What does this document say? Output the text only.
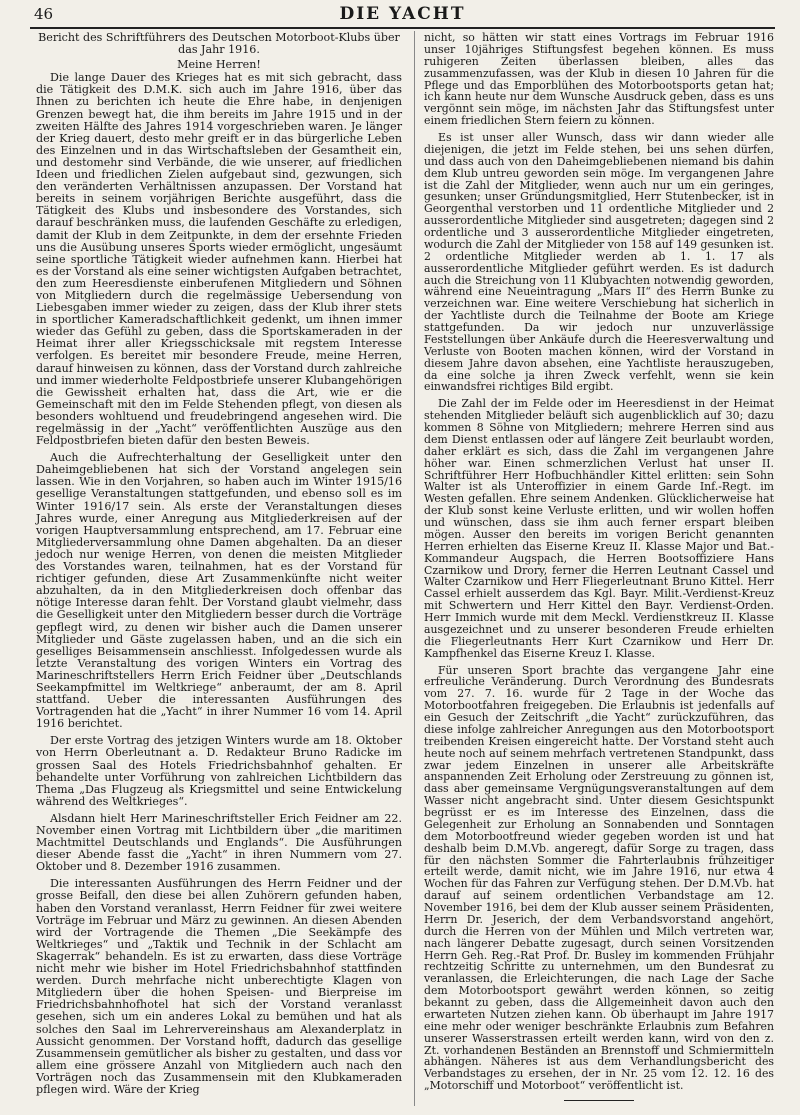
46	DIE YACHT
Bericht des Schriftführers des Deutschen Motorboot-Klubs über das Jahr 1916.
Meine Herren!

Die lange Dauer des Krieges hat es mit sich gebracht, dass die Tätigkeit des D.M.K. sich auch im Jahre 1916, über das Ihnen zu berichten ich heute die Ehre habe, in denjenigen Grenzen bewegt hat, die ihm bereits im Jahre 1915 und in der zweiten Hälfte des Jahres 1914 vorgeschrieben waren. Je länger der Krieg dauert, desto mehr greift er in das bürgerliche Leben des Einzelnen und in das Wirtschaftsleben der Gesamtheit ein, und destomehr sind Verbände, die wie unserer, auf friedlichen Ideen und friedlichen Zielen aufgebaut sind, gezwungen, sich den veränderten Verhältnissen anzupassen. Der Vorstand hat bereits in seinem vorjährigen Berichte ausgeführt, dass die Tätigkeit des Klubs und insbesondere des Vorstandes, sich darauf beschränken muss, die laufenden Geschäfte zu erledigen, damit der Klub in dem Zeitpunkte, in dem der ersehnte Frieden uns die Ausübung unseres Sports wieder ermöglicht, ungesäumt seine sportliche Tätigkeit wieder aufnehmen kann. Hierbei hat es der Vorstand als eine seiner wichtigsten Aufgaben betrachtet, den zum Heeresdienste einberufenen Mitgliedern und Söhnen von Mitgliedern durch die regelmässige Uebersendung von Liebesgaben immer wieder zu zeigen, dass der Klub ihrer stets in sportlicher Kameradschaftlichkeit gedenkt, um ihnen immer wieder das Gefühl zu geben, dass die Sportskameraden in der Heimat ihrer aller Kriegsschicksale mit regstem Interesse verfolgen. Es bereitet mir besondere Freude, meine Herren, darauf hinweisen zu können, dass der Vorstand durch zahlreiche und immer wiederholte Feldpostbriefe unserer Klubangehörigen die Gewissheit erhalten hat, dass die Art, wie er die Gemeinschaft mit den im Felde Stehenden pflegt, von diesen als besonders wohltuend und freudebringend angesehen wird. Die regelmässig in der „Yacht“ veröffentlichten Auszüge aus den Feldpostbriefen bieten dafür den besten Beweis.

Auch die Aufrechterhaltung der Geselligkeit unter den Daheimgebliebenen hat sich der Vorstand angelegen sein lassen. Wie in den Vorjahren, so haben auch im Winter 1915/16 gesellige Veranstaltungen stattgefunden, und ebenso soll es im Winter 1916/17 sein. Als erste der Veranstaltungen dieses Jahres wurde, einer Anregung aus Mitgliederkreisen auf der vorigen Hauptversammlung entsprechend, am 17. Februar eine Mitgliederversammlung ohne Damen abgehalten. Da an dieser jedoch nur wenige Herren, von denen die meisten Mitglieder des Vorstandes waren, teilnahmen, hat es der Vorstand für richtiger gefunden, diese Art Zusammenkünfte nicht weiter abzuhalten, da in den Mitgliederkreisen doch offenbar das nötige Interesse daran fehlt. Der Vorstand glaubt vielmehr, dass die Geselligkeit unter den Mitgliedern besser durch die Vorträge gepflegt wird, zu denen wir bisher auch die Damen unserer Mitglieder und Gäste zugelassen haben, und an die sich ein geselliges Beisammensein anschliesst. Infolgedessen wurde als letzte Veranstaltung des vorigen Winters ein Vortrag des Marineschriftstellers Herrn Erich Feidner über „Deutschlands Seekampfmittel im Weltkriege“ anberaumt, der am 8. April stattfand. Ueber die interessanten Ausführungen des Vortragenden hat die „Yacht“ in ihrer Nummer 16 vom 14. April 1916 berichtet.

Der erste Vortrag des jetzigen Winters wurde am 18. Oktober von Herrn Oberleutnant a. D. Redakteur Bruno Radicke im grossen Saal des Hotels Friedrichsbahnhof gehalten. Er behandelte unter Vorführung von zahlreichen Lichtbildern das Thema „Das Flugzeug als Kriegsmittel und seine Entwickelung während des Weltkrieges“.

Alsdann hielt Herr Marineschriftsteller Erich Feidner am 22. November einen Vortrag mit Lichtbildern über „die maritimen Machtmittel Deutschlands und Englands“. Die Ausführungen dieser Abende fasst die „Yacht“ in ihren Nummern vom 27. Oktober und 8. Dezember 1916 zusammen.

Die interessanten Ausführungen des Herrn Feidner und der grosse Beifall, den diese bei allen Zuhörern gefunden haben, haben den Vorstand veranlasst, Herrn Feidner für zwei weitere Vorträge im Februar und März zu gewinnen. An diesen Abenden wird der Vortragende die Themen „Die Seekämpfe des Weltkrieges“ und „Taktik und Technik in der Schlacht am Skagerrak“ behandeln. Es ist zu erwarten, dass diese Vorträge nicht mehr wie bisher im Hotel Friedrichsbahnhof stattfinden werden. Durch mehrfache nicht unberechtigte Klagen von Mitgliedern über die hohen Speisen- und Bierpreise im Friedrichsbahnhofhotel hat sich der Vorstand veranlasst gesehen, sich um ein anderes Lokal zu bemühen und hat als solches den Saal im Lehrervereinshaus am Alexanderplatz in Aussicht genommen. Der Vorstand hofft, dadurch das gesellige Zusammensein gemütlicher als bisher zu gestalten, und dass vor allem eine grössere Anzahl von Mitgliedern auch nach den Vorträgen noch das Zusammensein mit den Klubkameraden pflegen wird. Wäre der Krieg

nicht, so hätten wir statt eines Vortrags im Februar 1916 unser 10jähriges Stiftungsfest begehen können. Es muss ruhigeren Zeiten überlassen bleiben, alles das zusammenzufassen, was der Klub in diesen 10 Jahren für die Pflege und das Emporblühen des Motorbootsports getan hat; ich kann heute nur dem Wunsche Ausdruck geben, dass es uns vergönnt sein möge, im nächsten Jahr das Stiftungsfest unter einem friedlichen Stern feiern zu können.

Es ist unser aller Wunsch, dass wir dann wieder alle diejenigen, die jetzt im Felde stehen, bei uns sehen dürfen, und dass auch von den Daheimgebliebenen niemand bis dahin dem Klub untreu geworden sein möge. Im vergangenen Jahre ist die Zahl der Mitglieder, wenn auch nur um ein geringes, gesunken; unser Gründungsmitglied, Herr Stutenbecker, ist in Georgenthal verstorben und 11 ordentliche Mitglieder und 2 ausserordentliche Mitglieder sind ausgetreten; dagegen sind 2 ordentliche und 3 ausserordentliche Mitglieder eingetreten, wodurch die Zahl der Mitglieder von 158 auf 149 gesunken ist. 2 ordentliche Mitglieder werden ab 1. 1. 17 als ausserordentliche Mitglieder geführt werden. Es ist dadurch auch die Streichung von 11 Klubyachten notwendig geworden, während eine Neueintragung „Mars II“ des Herrn Bunke zu verzeichnen war. Eine weitere Verschiebung hat sicherlich in der Yachtliste durch die Teilnahme der Boote am Kriege stattgefunden. Da wir jedoch nur unzuverlässige Feststellungen über Ankäufe durch die Heeresverwaltung und Verluste von Booten machen können, wird der Vorstand in diesem Jahre davon absehen, eine Yachtliste herauszugeben, da eine solche ja ihren Zweck verfehlt, wenn sie kein einwandsfrei richtiges Bild ergibt.

Die Zahl der im Felde oder im Heeresdienst in der Heimat stehenden Mitglieder beläuft sich augenblicklich auf 30; dazu kommen 8 Söhne von Mitgliedern; mehrere Herren sind aus dem Dienst entlassen oder auf längere Zeit beurlaubt worden, daher erklärt es sich, dass die Zahl im vergangenen Jahre höher war. Einen schmerzlichen Verlust hat unser II. Schriftführer Herr Hofbuchhändler Kittel erlitten: sein Sohn Walter ist als Unteroffizier in einem Garde Inf.-Regt. im Westen gefallen. Ehre seinem Andenken. Glücklicherweise hat der Klub sonst keine Verluste erlitten, und wir wollen hoffen und wünschen, dass sie ihm auch ferner erspart bleiben mögen. Ausser den bereits im vorigen Bericht genannten Herren erhielten das Eiserne Kreuz II. Klasse Major und Bat.-Kommandeur Augspach, die Herren Bootsoffiziere Hans Czarnikow und Drory, ferner die Herren Leutnant Cassel und Walter Czarnikow und Herr Fliegerleutnant Bruno Kittel. Herr Cassel erhielt ausserdem das Kgl. Bayr. Milit.-Verdienst-Kreuz mit Schwertern und Herr Kittel den Bayr. Verdienst-Orden. Herr Immich wurde mit dem Meckl. Verdienstkreuz II. Klasse ausgezeichnet und zu unserer besonderen Freude erhielten die Fliegerleutnants Herr Kurt Czarnikow und Herr Dr. Kampfhenkel das Eiserne Kreuz I. Klasse.

Für unseren Sport brachte das vergangene Jahr eine erfreuliche Veränderung. Durch Verordnung des Bundesrats vom 27. 7. 16. wurde für 2 Tage in der Woche das Motorbootfahren freigegeben. Die Erlaubnis ist jedenfalls auf ein Gesuch der Zeitschrift „die Yacht“ zurückzuführen, das diese infolge zahlreicher Anregungen aus den Motorbootsport treibenden Kreisen eingereicht hatte. Der Vorstand steht auch heute noch auf seinem mehrfach vertretenen Standpunkt, dass zwar jedem Einzelnen in unserer alle Arbeitskräfte anspannenden Zeit Erholung oder Zerstreuung zu gönnen ist, dass aber gemeinsame Vergnügungsveranstaltungen auf dem Wasser nicht angebracht sind. Unter diesem Gesichtspunkt begrüsst er es im Interesse des Einzelnen, dass die Gelegenheit zur Erholung an Sonnabenden und Sonntagen dem Motorbootfreund wieder gegeben worden ist und hat deshalb beim D.M.Vb. angeregt, dafür Sorge zu tragen, dass für den nächsten Sommer die Fahrterlaubnis frühzeitiger erteilt werde, damit nicht, wie im Jahre 1916, nur etwa 4 Wochen für das Fahren zur Verfügung stehen. Der D.M.Vb. hat darauf auf seinem ordentlichen Verbandstage am 12. November 1916, bei dem der Klub ausser seinem Präsidenten, Herrn Dr. Jeserich, der dem Verbandsvorstand angehört, durch die Herren von der Mühlen und Milch vertreten war, nach längerer Debatte zugesagt, durch seinen Vorsitzenden Herrn Geh. Reg.-Rat Prof. Dr. Busley im kommenden Frühjahr rechtzeitig Schritte zu unternehmen, um den Bundesrat zu veranlassen, die Erleichterungen, die nach Lage der Sache dem Motorbootsport gewährt werden können, so zeitig bekannt zu geben, dass die Allgemeinheit davon auch den erwarteten Nutzen ziehen kann. Ob überhaupt im Jahre 1917 eine mehr oder weniger beschränkte Erlaubnis zum Befahren unserer Wasserstrassen erteilt werden kann, wird von den z. Zt. vorhandenen Beständen an Brennstoff und Schmiermitteln abhängen. Näheres ist aus dem Verhandlungsbericht des Verbandstages zu ersehen, der in Nr. 25 vom 12. 12. 16 des „Motorschiff und Motorboot“ veröffentlicht ist.
